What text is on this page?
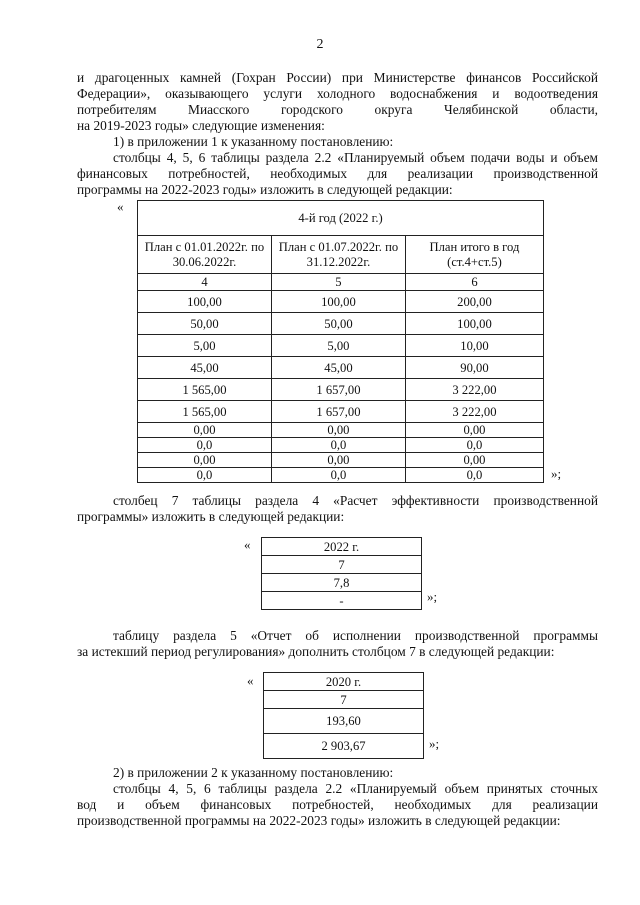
2
и драгоценных камней (Гохран России) при Министерстве финансов Российской
Федерации», оказывающего услуги холодного водоснабжения и водоотведения
потребителям Миасского городского округа Челябинской области,
на 2019-2023 годы» следующие изменения:
1) в приложении 1 к указанному постановлению:
столбцы 4, 5, 6 таблицы раздела 2.2 «Планируемый объем подачи воды и объем
финансовых потребностей, необходимых для реализации производственной
программы на 2022-2023 годы» изложить в следующей редакции:
«
4-й год (2022 г.)		
План с 01.01.2022г. по 30.06.2022г.	План с 01.07.2022г. по 31.12.2022г.	План итого в год (ст.4+ст.5)
4	5	6
100,00	100,00	200,00
50,00	50,00	100,00
5,00	5,00	10,00
45,00	45,00	90,00
1 565,00	1 657,00	3 222,00
1 565,00	1 657,00	3 222,00
0,00	0,00	0,00
0,0	0,0	0,0
0,00	0,00	0,00
0,0	0,0	0,0	»;
столбец 7 таблицы раздела 4 «Расчет эффективности производственной
программы» изложить в следующей редакции:
«	2022 г.
7
7,8
-	»;
таблицу раздела 5 «Отчет об исполнении производственной программы
за истекший период регулирования» дополнить столбцом 7 в следующей редакции:
«	2020 г.
7
193,60
2 903,67	»;
2) в приложении 2 к указанному постановлению:
столбцы 4, 5, 6 таблицы раздела 2.2 «Планируемый объем принятых сточных
вод и объем финансовых потребностей, необходимых для реализации
производственной программы на 2022-2023 годы» изложить в следующей редакции:
